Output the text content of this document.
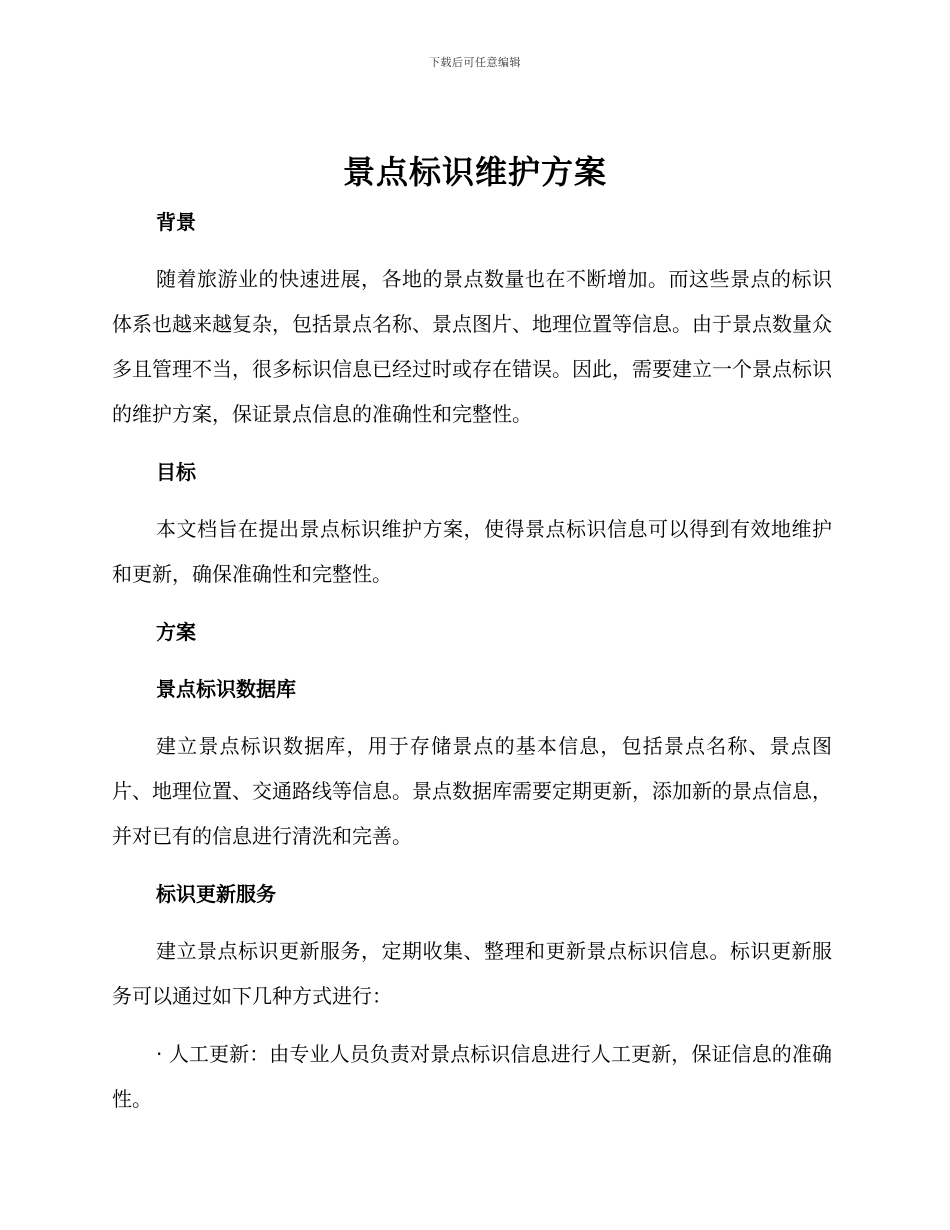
下载后可任意编辑
景点标识维护方案
背景

随着旅游业的快速进展，各地的景点数量也在不断增加。而这些景点的标识体系也越来越复杂，包括景点名称、景点图片、地理位置等信息。由于景点数量众多且管理不当，很多标识信息已经过时或存在错误。因此，需要建立一个景点标识的维护方案，保证景点信息的准确性和完整性。

目标

本文档旨在提出景点标识维护方案，使得景点标识信息可以得到有效地维护和更新，确保准确性和完整性。

方案
景点标识数据库

建立景点标识数据库，用于存储景点的基本信息，包括景点名称、景点图片、地理位置、交通路线等信息。景点数据库需要定期更新，添加新的景点信息，并对已有的信息进行清洗和完善。

标识更新服务

建立景点标识更新服务，定期收集、整理和更新景点标识信息。标识更新服务可以通过如下几种方式进行：

· 人工更新：由专业人员负责对景点标识信息进行人工更新，保证信息的准确性。
